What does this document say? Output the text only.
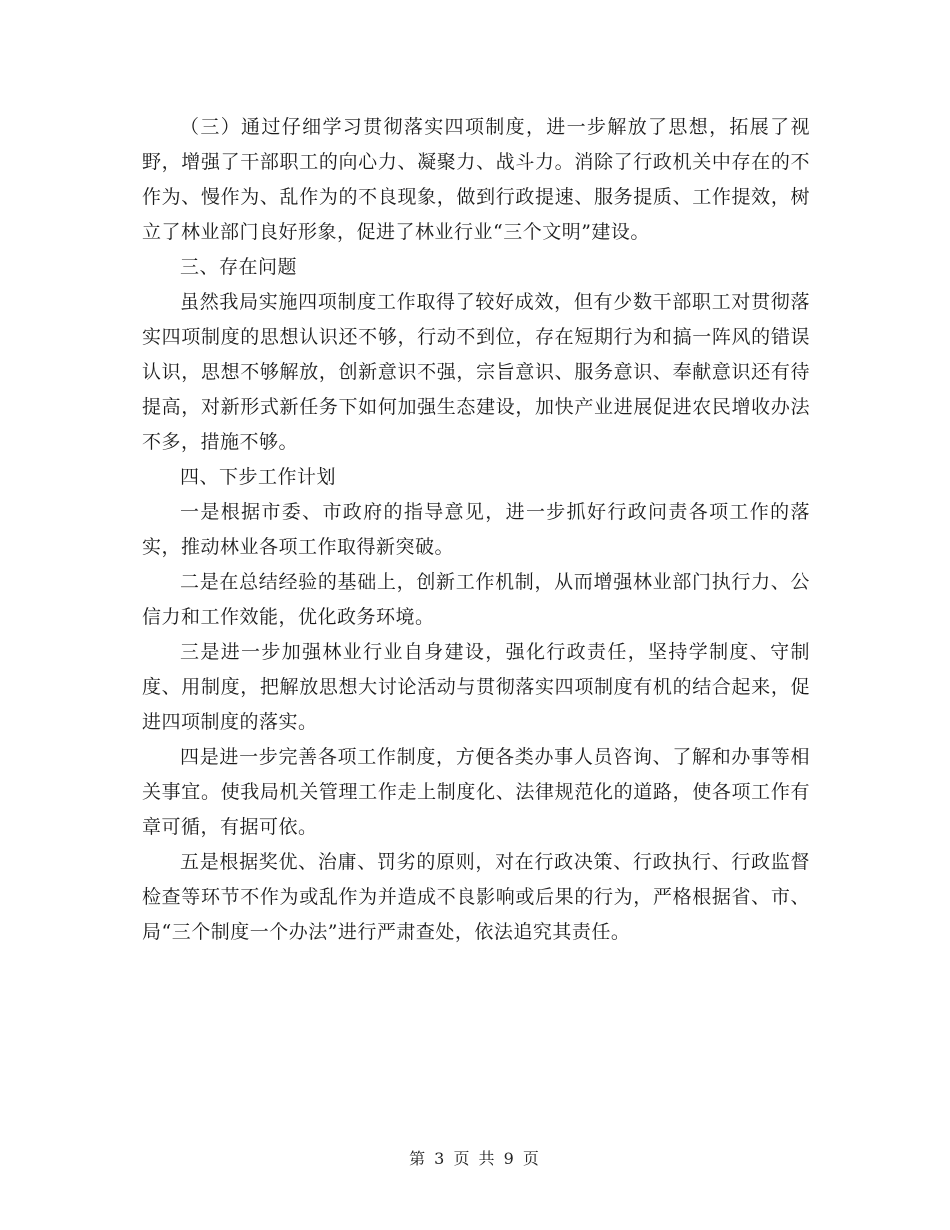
（三）通过仔细学习贯彻落实四项制度，进一步解放了思想，拓展了视野，增强了干部职工的向心力、凝聚力、战斗力。消除了行政机关中存在的不作为、慢作为、乱作为的不良现象，做到行政提速、服务提质、工作提效，树立了林业部门良好形象，促进了林业行业“三个文明”建设。

三、存在问题

虽然我局实施四项制度工作取得了较好成效，但有少数干部职工对贯彻落实四项制度的思想认识还不够，行动不到位，存在短期行为和搞一阵风的错误认识，思想不够解放，创新意识不强，宗旨意识、服务意识、奉献意识还有待提高，对新形式新任务下如何加强生态建设，加快产业进展促进农民增收办法不多，措施不够。

四、下步工作计划

一是根据市委、市政府的指导意见，进一步抓好行政问责各项工作的落实，推动林业各项工作取得新突破。

二是在总结经验的基础上，创新工作机制，从而增强林业部门执行力、公信力和工作效能，优化政务环境。

三是进一步加强林业行业自身建设，强化行政责任，坚持学制度、守制度、用制度，把解放思想大讨论活动与贯彻落实四项制度有机的结合起来，促进四项制度的落实。

四是进一步完善各项工作制度，方便各类办事人员咨询、了解和办事等相关事宜。使我局机关管理工作走上制度化、法律规范化的道路，使各项工作有章可循，有据可依。

五是根据奖优、治庸、罚劣的原则，对在行政决策、行政执行、行政监督检查等环节不作为或乱作为并造成不良影响或后果的行为，严格根据省、市、局“三个制度一个办法”进行严肃查处，依法追究其责任。

第 3 页 共 9 页
